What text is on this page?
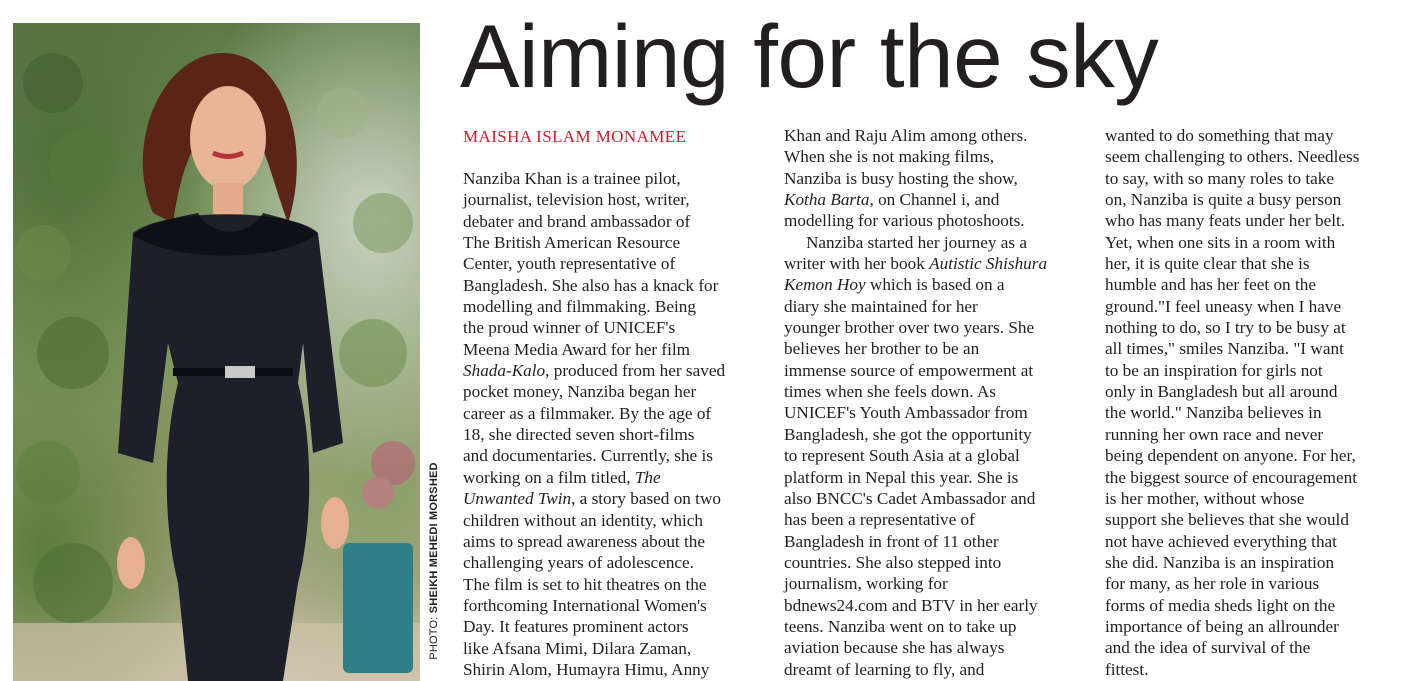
PHOTO: SHEIKH MEHEDI MORSHED
Aiming for the sky
MAISHA ISLAM MONAMEE
Nanziba Khan is a trainee pilot,
journalist, television host, writer,
debater and brand ambassador of
The British American Resource
Center, youth representative of
Bangladesh. She also has a knack for
modelling and filmmaking. Being
the proud winner of UNICEF's
Meena Media Award for her film
Shada-Kalo, produced from her saved
pocket money, Nanziba began her
career as a filmmaker. By the age of
18, she directed seven short-films
and documentaries. Currently, she is
working on a film titled, The
Unwanted Twin, a story based on two
children without an identity, which
aims to spread awareness about the
challenging years of adolescence.
The film is set to hit theatres on the
forthcoming International Women's
Day. It features prominent actors
like Afsana Mimi, Dilara Zaman,
Shirin Alom, Humayra Himu, Anny
Khan and Raju Alim among others.
When she is not making films,
Nanziba is busy hosting the show,
Kotha Barta, on Channel i, and
modelling for various photoshoots.
Nanziba started her journey as a
writer with her book Autistic Shishura
Kemon Hoy which is based on a
diary she maintained for her
younger brother over two years. She
believes her brother to be an
immense source of empowerment at
times when she feels down. As
UNICEF's Youth Ambassador from
Bangladesh, she got the opportunity
to represent South Asia at a global
platform in Nepal this year. She is
also BNCC's Cadet Ambassador and
has been a representative of
Bangladesh in front of 11 other
countries. She also stepped into
journalism, working for
bdnews24.com and BTV in her early
teens. Nanziba went on to take up
aviation because she has always
dreamt of learning to fly, and
wanted to do something that may
seem challenging to others. Needless
to say, with so many roles to take
on, Nanziba is quite a busy person
who has many feats under her belt.
Yet, when one sits in a room with
her, it is quite clear that she is
humble and has her feet on the
ground."I feel uneasy when I have
nothing to do, so I try to be busy at
all times," smiles Nanziba. "I want
to be an inspiration for girls not
only in Bangladesh but all around
the world." Nanziba believes in
running her own race and never
being dependent on anyone. For her,
the biggest source of encouragement
is her mother, without whose
support she believes that she would
not have achieved everything that
she did. Nanziba is an inspiration
for many, as her role in various
forms of media sheds light on the
importance of being an allrounder
and the idea of survival of the
fittest.
